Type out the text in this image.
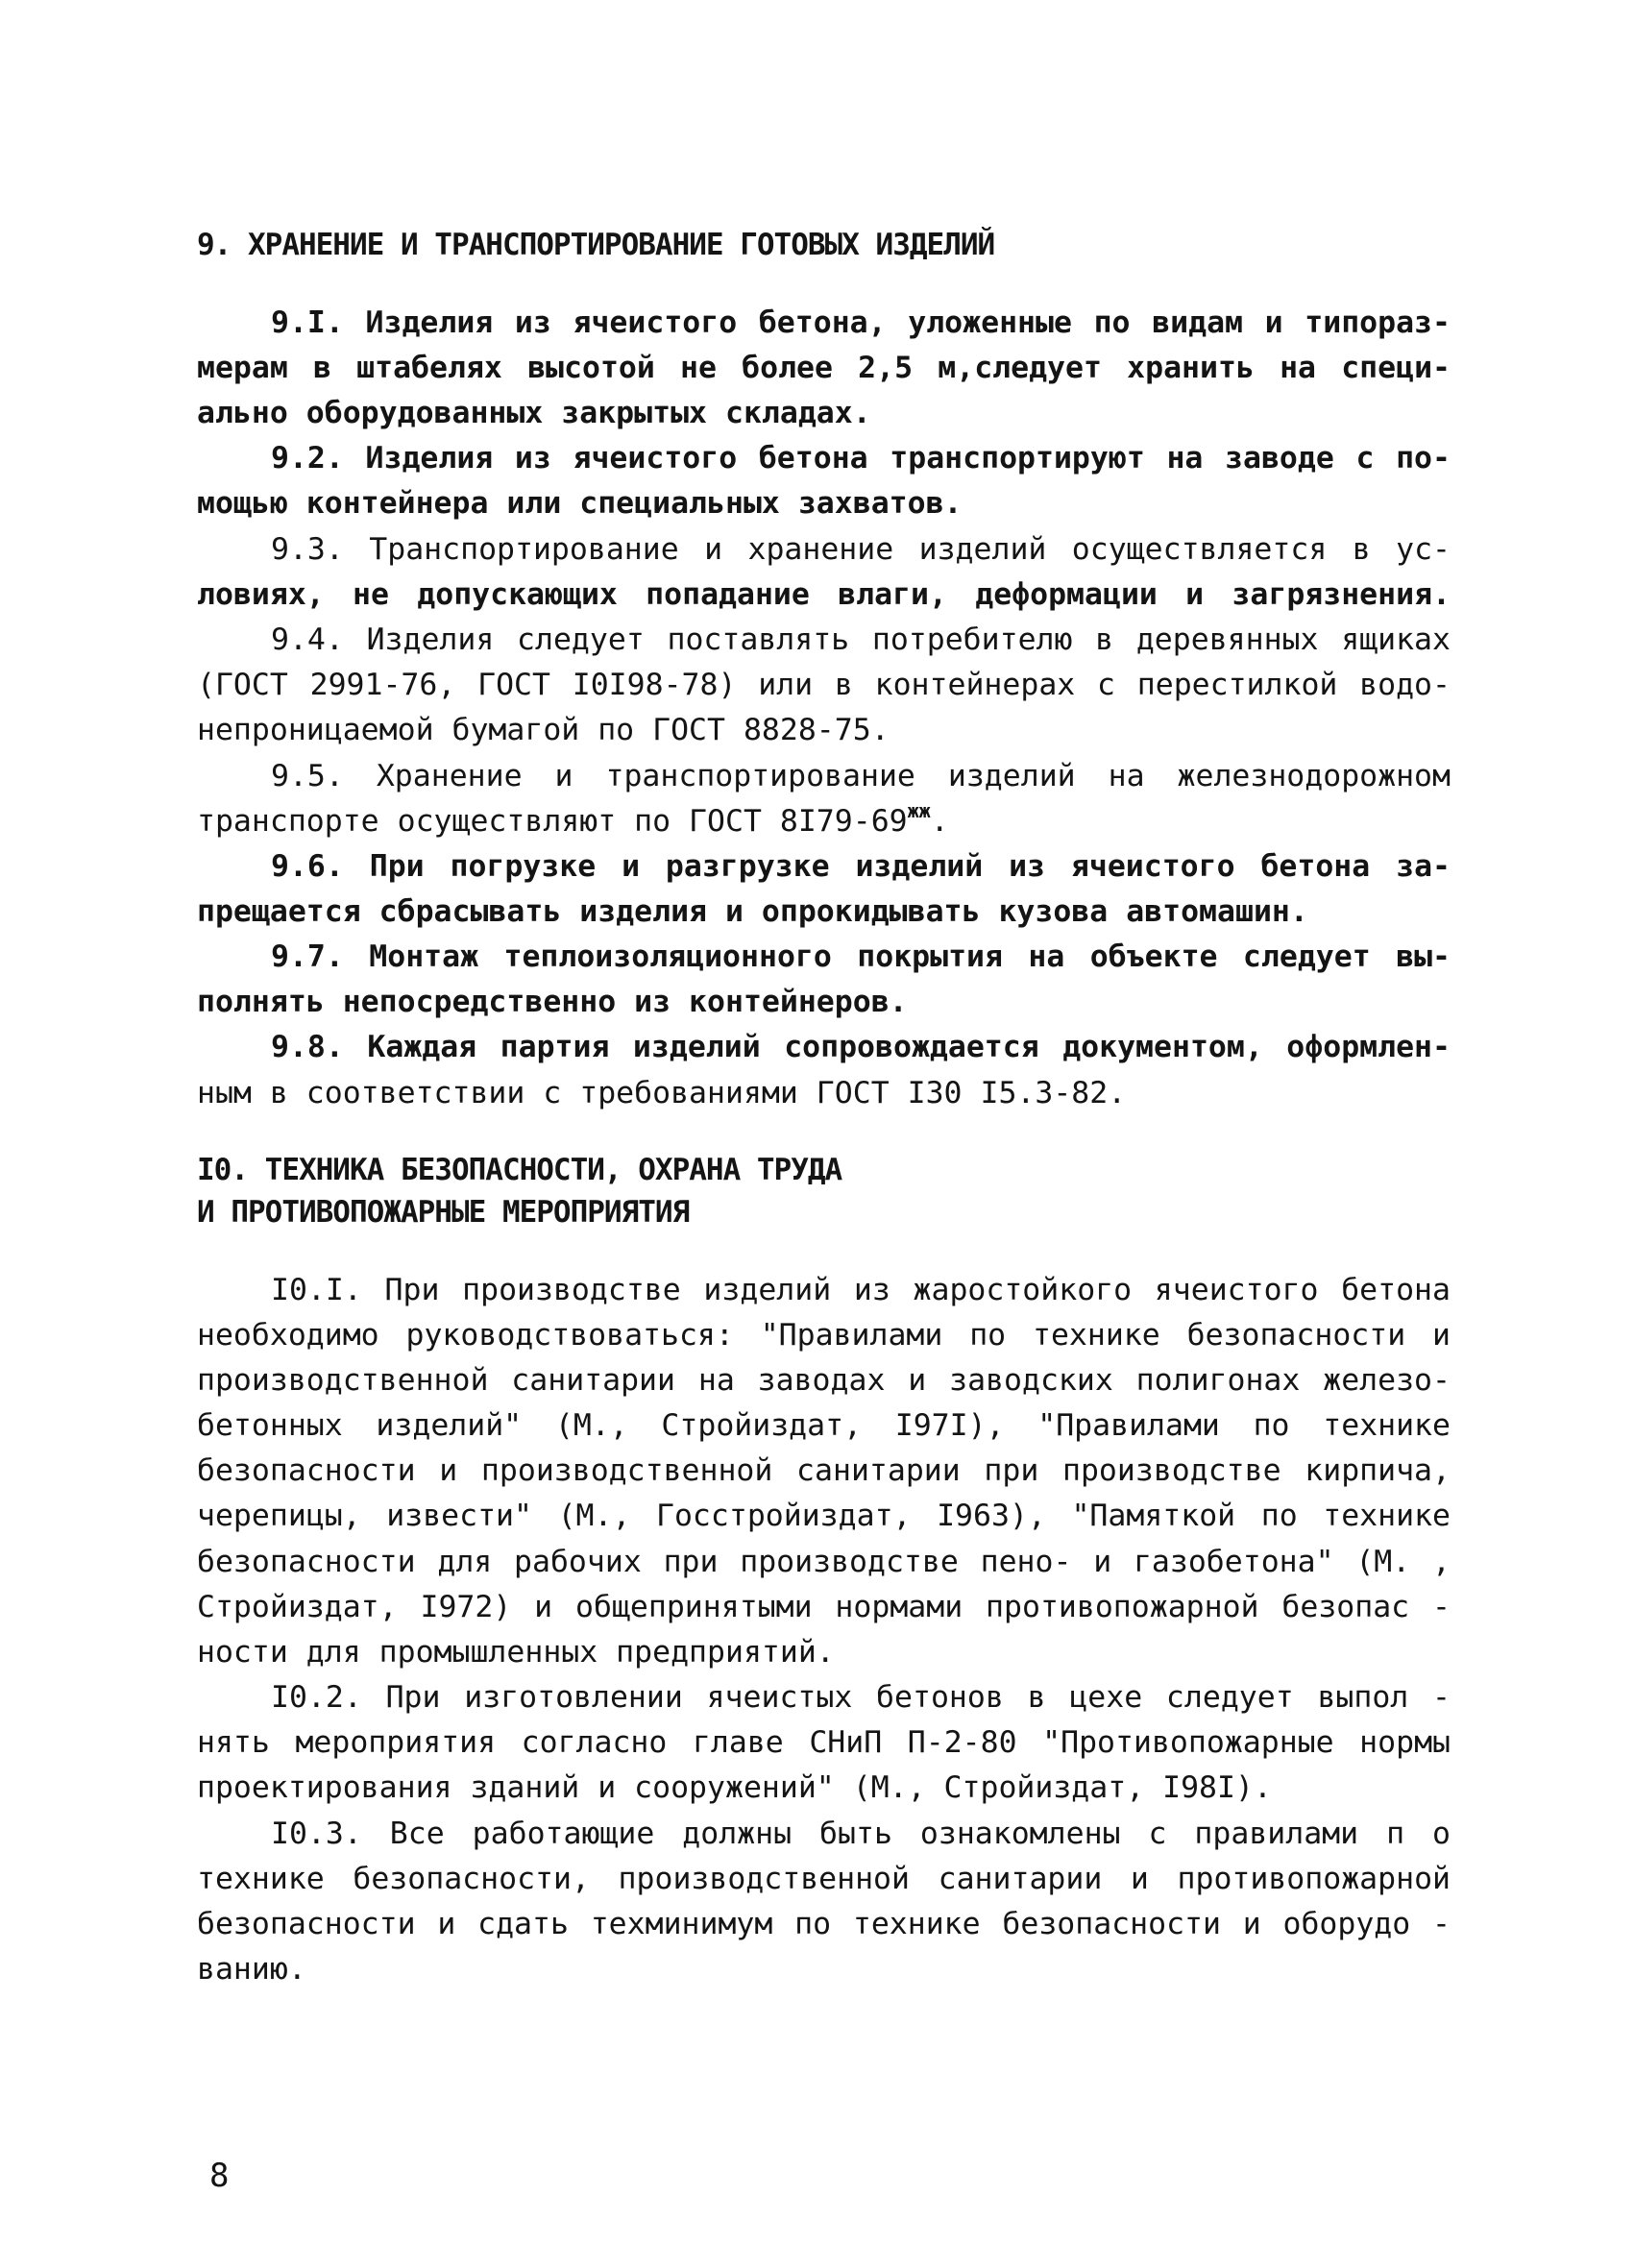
9. ХРАНЕНИЕ И ТРАНСПОРТИРОВАНИЕ ГОТОВЫХ ИЗДЕЛИЙ
9.I. Изделия из ячеистого бетона, уложенные по видам и типораз-
мерам в штабелях высотой не более 2,5 м,следует хранить на специ-
ально оборудованных закрытых складах.
9.2. Изделия из ячеистого бетона транспортируют на заводе с по-
мощью контейнера или специальных захватов.
9.3. Транспортирование и хранение изделий осуществляется в ус-
ловиях, не допускающих попадание влаги, деформации и загрязнения.
9.4. Изделия следует поставлять потребителю в деревянных ящиках
(ГОСТ 2991-76, ГОСТ I0I98-78) или в контейнерах с перестилкой водо-
непроницаемой бумагой по ГОСТ 8828-75.
9.5. Хранение и транспортирование изделий на железнодорожном
транспорте осуществляют по ГОСТ $8I79-69^{жж}$.
9.6. При погрузке и разгрузке изделий из ячеистого бетона за-
прещается сбрасывать изделия и опрокидывать кузова автомашин.
9.7. Монтаж теплоизоляционного покрытия на объекте следует вы-
полнять непосредственно из контейнеров.
9.8. Каждая партия изделий сопровождается документом, оформлен-
ным в соответствии с требованиями ГОСТ I30 I5.3-82.
I0. ТЕХНИКА БЕЗОПАСНОСТИ, ОХРАНА ТРУДА
И ПРОТИВОПОЖАРНЫЕ МЕРОПРИЯТИЯ
I0.I. При производстве изделий из жаростойкого ячеистого бетона
необходимо руководствоваться: "Правилами по технике безопасности и
производственной санитарии на заводах и заводских полигонах железо-
бетонных изделий" (М., Стройиздат, I97I), "Правилами по технике
безопасности и производственной санитарии при производстве кирпича,
черепицы, извести" (М., Госстройиздат, I963), "Памяткой по технике
безопасности для рабочих при производстве пено- и газобетона" (М. ,
Стройиздат, I972) и общепринятыми нормами противопожарной безопас -
ности для промышленных предприятий.
I0.2. При изготовлении ячеистых бетонов в цехе следует выпол -
нять мероприятия согласно главе СНиП П-2-80 "Противопожарные нормы
проектирования зданий и сооружений" (М., Стройиздат, I98I).
I0.3. Все работающие должны быть ознакомлены с правилами п о
технике безопасности, производственной санитарии и противопожарной
безопасности и сдать техминимум по технике безопасности и оборудо -
ванию.
8
